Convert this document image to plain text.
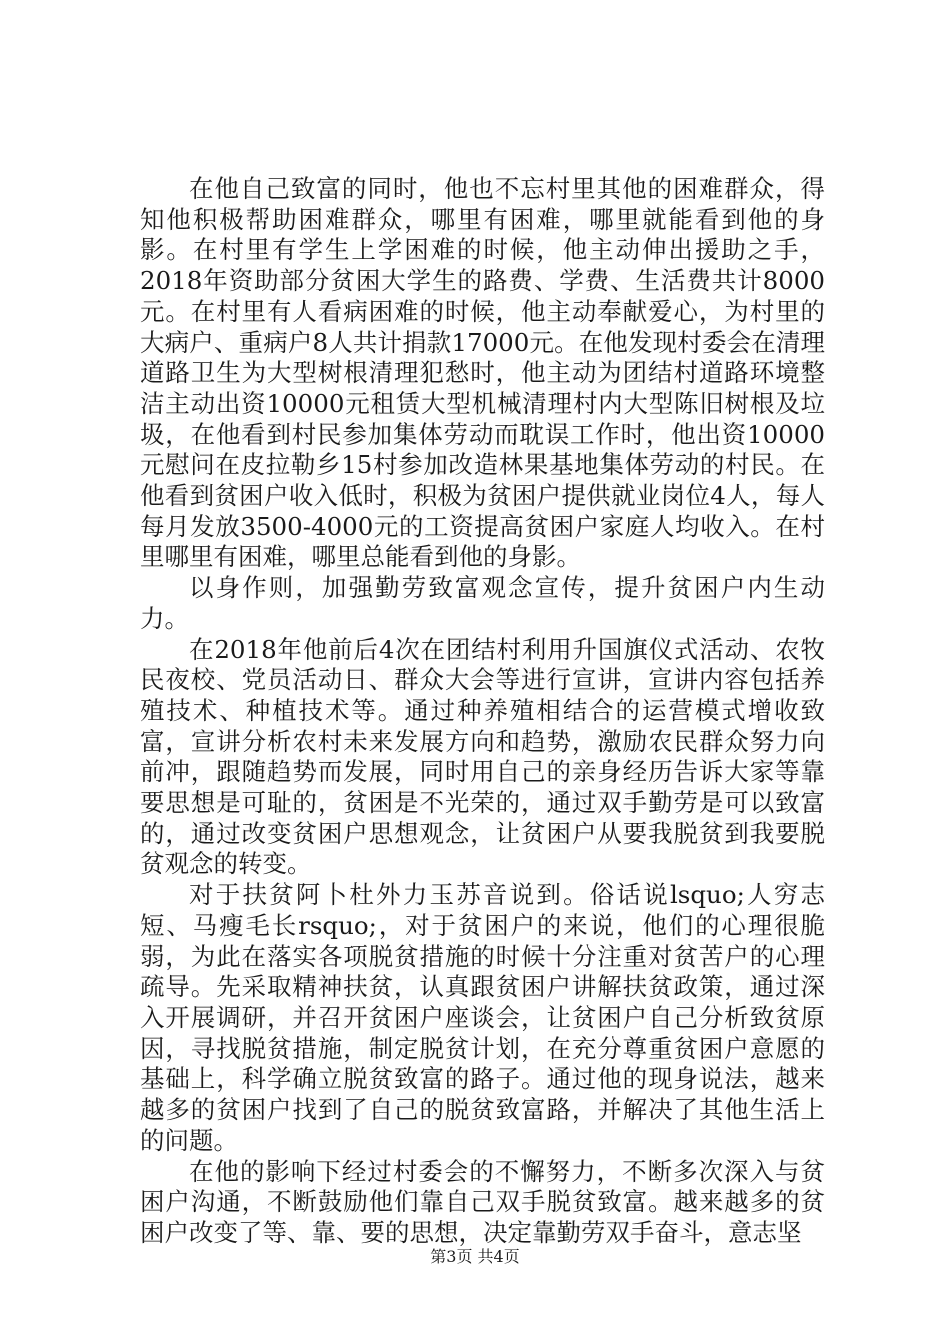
在他自己致富的同时，他也不忘村里其他的困难群众，得知他积极帮助困难群众，哪里有困难，哪里就能看到他的身影。在村里有学生上学困难的时候，他主动伸出援助之手，2018年资助部分贫困大学生的路费、学费、生活费共计8000元。在村里有人看病困难的时候，他主动奉献爱心，为村里的大病户、重病户8人共计捐款17000元。在他发现村委会在清理道路卫生为大型树根清理犯愁时，他主动为团结村道路环境整洁主动出资10000元租赁大型机械清理村内大型陈旧树根及垃圾，在他看到村民参加集体劳动而耽误工作时，他出资10000元慰问在皮拉勒乡15村参加改造林果基地集体劳动的村民。在他看到贫困户收入低时，积极为贫困户提供就业岗位4人，每人每月发放3500-4000元的工资提高贫困户家庭人均收入。在村里哪里有困难，哪里总能看到他的身影。

以身作则，加强勤劳致富观念宣传，提升贫困户内生动力。

在2018年他前后4次在团结村利用升国旗仪式活动、农牧民夜校、党员活动日、群众大会等进行宣讲，宣讲内容包括养殖技术、种植技术等。通过种养殖相结合的运营模式增收致富，宣讲分析农村未来发展方向和趋势，激励农民群众努力向前冲，跟随趋势而发展，同时用自己的亲身经历告诉大家等靠要思想是可耻的，贫困是不光荣的，通过双手勤劳是可以致富的，通过改变贫困户思想观念，让贫困户从要我脱贫到我要脱贫观念的转变。

对于扶贫阿卜杜外力玉苏音说到。俗话说lsquo;人穷志短、马瘦毛长rsquo;，对于贫困户的来说，他们的心理很脆弱，为此在落实各项脱贫措施的时候十分注重对贫苦户的心理疏导。先采取精神扶贫，认真跟贫困户讲解扶贫政策，通过深入开展调研，并召开贫困户座谈会，让贫困户自己分析致贫原因，寻找脱贫措施，制定脱贫计划，在充分尊重贫困户意愿的基础上，科学确立脱贫致富的路子。通过他的现身说法，越来越多的贫困户找到了自己的脱贫致富路，并解决了其他生活上的问题。

在他的影响下经过村委会的不懈努力，不断多次深入与贫困户沟通，不断鼓励他们靠自己双手脱贫致富。越来越多的贫困户改变了等、靠、要的思想，决定靠勤劳双手奋斗，意志坚

第3页 共4页
